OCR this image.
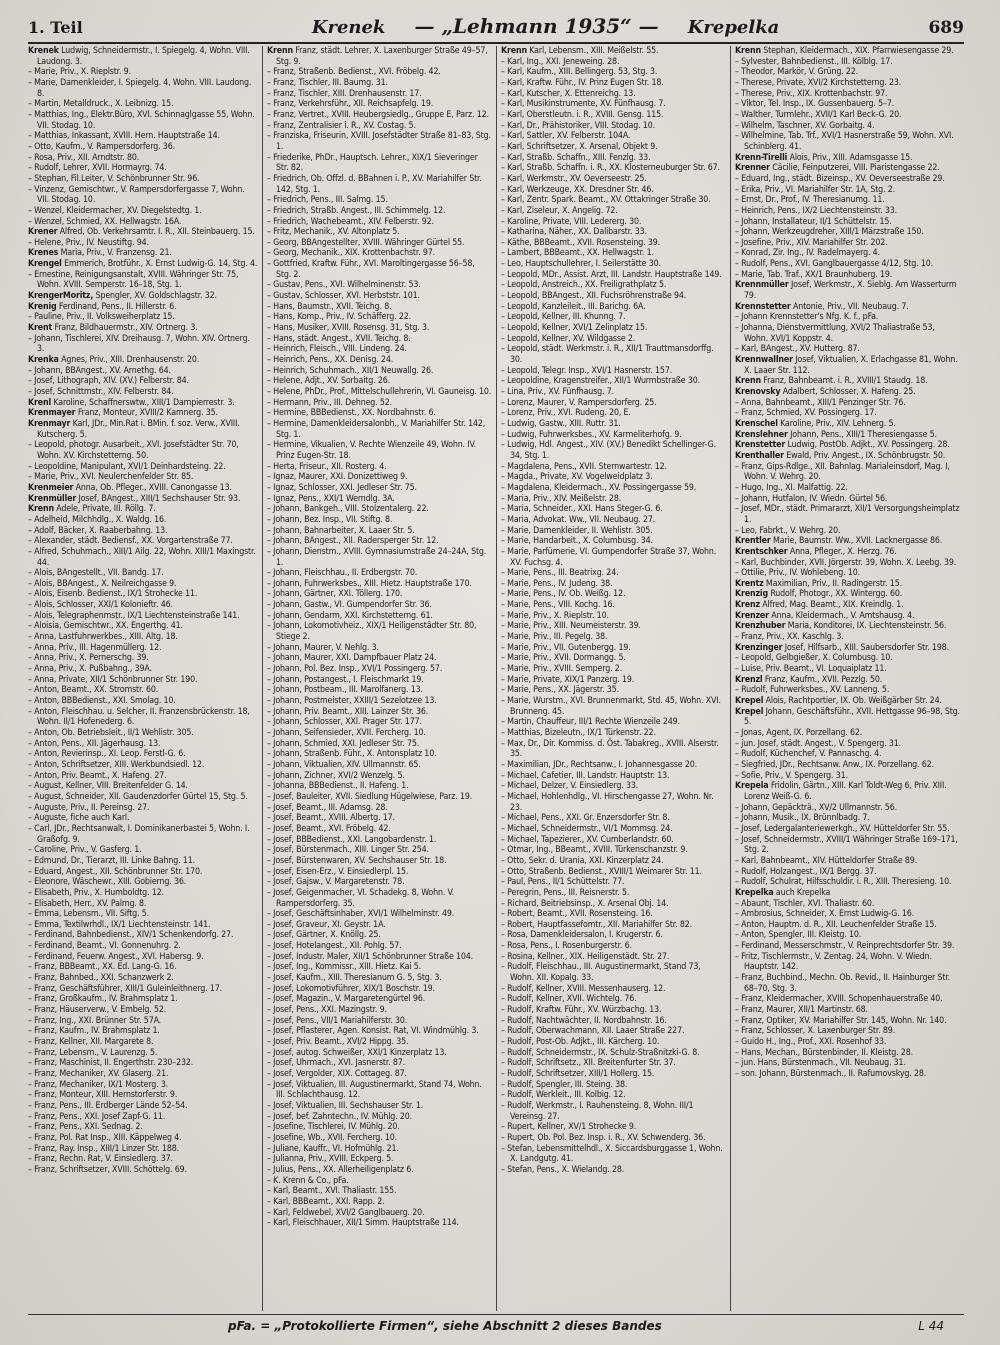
1. Teil	Krenek — „Lehmann 1935“ — Krepelka	689
Krenek Ludwig, Schneidermstr., I. Spiegelg. 4, Wohn. VIII. Laudong. 3.
– Marie, Priv., X. Rieplstr. 9.
– Marie, Damenkleider, I. Spiegelg. 4, Wohn. VIII. Laudong. 8.
– Martin, Metalldruck., X. Leibnizg. 15.
– Matthias, Ing., Elektr.Büro, XVI. Schinnaglgasse 55, Wohn. VII. Stodag. 10.
– Matthias, Inkassant, XVIII. Hern. Hauptstraße 14.
– Otto, Kaufm., V. Rampersdorferg. 36.
– Rosa, Priv., XII. Arndtstr. 80.
– Rudolf, Lehrer, XVII. Hormayrg. 74.
– Stephan, Fil.Leiter, V. Schönbrunner Str. 96.
– Vinzenz, Gemischtwr., V. Rampersdorfergasse 7, Wohn. VII. Stodag. 10.
– Wenzel, Kleidermacher, XV. Diegelstedtg. 1.
– Wenzel, Schmied, XX. Hellwagstr. 16A.
Krener Alfred, Ob. Verkehrsamtr. I. R., XII. Steinbauerg. 15.
– Helene, Priv., IV. Neustiftg. 94.
Krenes Maria, Priv., V. Franzensg. 21.
Krengel Emmerich, Brotführ., X. Ernst Ludwig-G. 14, Stg. 4.
– Ernestine, Reinigungsanstalt, XVIII. Währinger Str. 75, Wohn. XVIII. Semperstr. 16–18, Stg. 1.
KrengerMoritz, Spengler, XV. Goldschlagstr. 32.
Krenig Ferdinand, Pens., II. Hillerstr. 6.
– Pauline, Priv., II. Volksweiherplatz 15.
Krent Franz, Bildhauermstr., XIV. Ortnerg. 3.
– Johann, Tischlerei, XIV. Dreihausg. 7, Wohn. XIV. Ortnerg. 3.
Krenka Agnes, Priv., XIII. Drenhausenstr. 20.
– Johann, BBAngest., XV. Arnethg. 64.
– Josef, Lithograph, XIV. (XV.) Felberstr. 84.
– Josef, Schnittmstr., XIV. Felberstr. 84.
Krenl Karoline, Schaffnerswtw., XIII/1 Dampierrestr. 3.
Krenmayer Franz, Monteur, XVIII/2 Kamnerg. 35.
Krenmayr Karl, JDr., Min.Rat i. BMin. f. soz. Verw., XVIII. Kutscherg. 5.
– Leopold, photogr. Ausarbeit., XVI. Josefstädter Str. 70, Wohn. XV. Kirchstetterng. 50.
– Leopoldine, Manipulant, XVI/1 Deinhardsteing. 22.
– Marie, Priv., XVI. Neulerchenfelder Str. 85.
Krenmeier Anna, Ob. Pfleger., XVIII. Canongasse 13.
Krenmüller Josef, BAngest., XIII/1 Sechshauser Str. 93.
Krenn Adele, Private, III. Röllg. 7.
– Adelheid, Milchhdlg., X. Waldg. 16.
– Adolf, Bäcker, X. Raaberbahng. 13.
– Alexander, städt. Bediensf., XX. Vorgartenstraße 77.
– Alfred, Schuhmach., XIII/1 Ailg. 22, Wohn. XIII/1 Maxingstr. 44.
– Alois, BAngestellt., VII. Bandg. 17.
– Alois, BBAngest., X. Neilreichgasse 9.
– Alois, Eisenb. Bedienst., IX/1 Strohecke 11.
– Alois, Schlosser, XXI/1 Kolonieftr. 46.
– Alois, Telegraphenmstr., IX/1 Liechtensteinstraße 141.
– Aloisia, Gemischtwr., XX. Engerthg. 41.
– Anna, Lastfuhrwerkbes., XIII. Altg. 18.
– Anna, Priv., III. Hagenmüllerg. 12.
– Anna, Priv., X. Pernerschg. 39.
– Anna, Priv., X. Pußbahng., 39A.
– Anna, Private, XII/1 Schönbrunner Str. 190.
– Anton, Beamt., XX. Stromstr. 60.
– Anton, BBBedienst., XXI. Smolag. 10.
– Anton, Fleischhau. u. Selcher, II. Franzensbrückenstr. 18, Wohn. II/1 Hofenederg. 6.
– Anton, Ob. Betriebsleit., II/1 Wehlistr. 305.
– Anton, Pens., XII. Jägerhausg. 13.
– Anton, Revierinsp., XI. Leop. Ferstl-G. 6.
– Anton, Schriftsetzer, XIII. Werkbundsiedl. 12.
– Anton, Priv. Beamt., X. Hafeng. 27.
– August, Kellner, VIII. Breitenfelder G. 14.
– August, Schneider, XII. Gaudenzdorfer Gürtel 15, Stg. 5.
– Auguste, Priv., II. Pereinsg. 27.
– Auguste, fiche auch Karl.
– Carl, JDr., Rechtsanwalt, I. Dominikanerbastei 5, Wohn. I. Graßofg. 9.
– Caroline, Priv., V. Gasferg. 1.
– Edmund, Dr., Tierarzt, III. Linke Bahng. 11.
– Eduard, Angest., XII. Schönbrunner Str. 170.
– Eleonore, Wäschewr., XIII. Gobierng. 36.
– Elisabeth, Priv., X. Humboldtg. 12.
– Elisabeth, Herr., XV. Palmg. 8.
– Emma, Lebensm., VII. Siftg. 5.
– Emma, Textilwrhdl., IX/1 Liechtensteinstr. 141.
– Ferdinand, Bahnbedienst., XIV/1 Schenkendorfg. 27.
– Ferdinand, Beamt., VI. Gonnenuhrg. 2.
– Ferdinand, Feuerw. Angest., XVI. Habersg. 9.
– Franz, BBBeamt., XX. Ed. Lang-G. 16.
– Franz, Bahnbed., XXI. Schanzwerk 2.
– Franz, Geschäftsführer, XIII/1 Guleinleithnerg. 17.
– Franz, Großkaufm., IV. Brahmsplatz 1.
– Franz, Häuserverw., V. Embelg. 52.
– Franz, Ing., XXI. Brünner Str. 57A.
– Franz, Kaufm., IV. Brahmsplatz 1.
– Franz, Kellner, XII. Margarete 8.
– Franz, Lebensm., V. Laurenzg. 5.
– Franz, Maschinist, II. Engerthstr. 230–232.
– Franz, Mechaniker, XV. Glaserg. 21.
– Franz, Mechaniker, IX/1 Mosterg. 3.
– Franz, Monteur, XIII. Hernstorferstr. 9.
– Franz, Pens., III. Erdberger Lände 52–54.
– Franz, Pens., XXI. Josef Zapf-G. 11.
– Franz, Pens., XXI. Sednag. 2.
– Franz, Pol. Rat Insp., XIII. Käppelweg 4.
– Franz, Ray. Insp., XIII/1 Linzer Str. 188.
– Franz, Rechn. Rat, V. Einsiedlerg. 37.
– Franz, Schriftsetzer, XVIII. Schöttelg. 69.
Krenn Franz, städt. Lehrer, X. Laxenburger Straße 49–57, Stg. 9.
– Franz, Straßenb. Bedienst., XVI. Fröbelg. 42.
– Franz, Tischler, III. Baumg. 31.
– Franz, Tischler, XIII. Drenhausenstr. 17.
– Franz, Verkehrsführ., XII. Reichsapfelg. 19.
– Franz, Vertret., XVIII. Heubergsiedlg., Gruppe E, Parz. 12.
– Franz, Zentralisier i. R., XV. Costag. 5.
– Franziska, Friseurin, XVIII. Josefstädter Straße 81–83, Stg. 1.
– Friederike, PhDr., Hauptsch. Lehrer., XIX/1 Sieveringer Str. 82.
– Friedrich, Ob. Offzl. d. BBahnen i. P., XV. Mariahilfer Str. 142, Stg. 1.
– Friedrich, Pens., III. Salmg. 15.
– Friedrich, Straßb. Angest., III. Schimmelg. 12.
– Friedrich, Wachebeamt., XIV. Felberstr. 92.
– Fritz, Mechanik., XV. Altonplatz 5.
– Georg, BBAngestellter, XVIII. Währinger Gürtel 55.
– Georg, Mechanik., XIX. Krottenbachstr. 97.
– Gottfried, Kraftw. Führ., XVI. Maroltingergasse 56–58, Stg. 2.
– Gustav, Pens., XVI. Wilhelminenstr. 53.
– Gustav, Schlosser, XVI. Herbststr. 101.
– Hans, Baumstr., XVII. Teichg. 8.
– Hans, Komp., Priv., IV. Schäfferg. 22.
– Hans, Musiker, XVIII. Rosensg. 31, Stg. 3.
– Hans, städt. Angest., XVII. Teichg. 8.
– Heinrich, Fleisch., VIII. Lindeng. 24.
– Heinrich, Pens., XX. Denisg. 24.
– Heinrich, Schuhmach., XII/1 Neuwallg. 26.
– Helene, Adjt., XV. Sorbaitg. 26.
– Helene, PhDr., Prof., Mittelschullehrerin, VI. Gauneisg. 10.
– Hermann, Priv., III. Dehneg. 52.
– Hermine, BBBedienst., XX. Nordbahnstr. 6.
– Hermine, Damenkleidersalonbh., V. Mariahilfer Str. 142, Stg. 1.
– Hermine, Vikualien, V. Rechte Wienzeile 49, Wohn. IV. Prinz Eugen-Str. 18.
– Herta, Friseur., XII. Rosterg. 4.
– Ignaz, Maurer, XXI. Donizettiweg 9.
– Ignaz, Schlosser, XXI. Jedleser Str. 75.
– Ignaz, Pens., XXI/1 Werndlg. 3A.
– Johann, Bankgeh., VIII. Stolzentalerg. 22.
– Johann, Bez. Insp., VII. Stiftg. 8.
– Johann, Bahnarbeiter, X. Laaer Str. 5.
– Johann, BAngest., XII. Radersperger Str. 12.
– Johann, Dienstm., XVIII. Gymnasiumstraße 24–24A, Stg. 1.
– Johann, Fleischhau., II. Erdbergstr. 70.
– Johann, Fuhrwerksbes., XIII. Hietz. Hauptstraße 170.
– Johann, Gärtner, XXI. Töllerg. 170.
– Johann, Gastw., VI. Gumpendorfer Str. 36.
– Johann, Gendarm, XXI. Kirchstetterng. 61.
– Johann, Lokomotivheiz., XIX/1 Heiligenstädter Str. 80, Stiege 2.
– Johann, Maurer, V. Nehlg. 3.
– Johann, Maurer, XXI. Dampfbauer Platz 24.
– Johann, Pol. Bez. Insp., XVI/1 Possingerg. 57.
– Johann, Postangest., I. Fleischmarkt 19.
– Johann, Postbeam., III. Marolfanerg. 13.
– Johann, Postmeister, XXIII/1 Sezelotzee 13.
– Johann, Priv. Beamt., XIII. Lainzer Str. 36.
– Johann, Schlosser, XXI. Prager Str. 177.
– Johann, Seifensieder, XVII. Fercherg. 10.
– Johann, Schmied, XXI. Jedleser Str. 75.
– Johann, Straßenb. Führ., X. Antonsplatz 10.
– Johann, Viktualien, XIV. Ullmannstr. 65.
– Johann, Zichner, XVI/2 Wenzelg. 5.
– Johanna, BBBedienst., II. Hafeng. 1.
– Josef, Bauleiter, XVII. Siedlung Hügelwiese, Parz. 19.
– Josef, Beamt., III. Adamsg. 28.
– Josef, Beamt., XVIII. Albertg. 17.
– Josef, Beamt., XVI. Fröbelg. 42.
– Josef, BBBedienst., XXI. Langobardenstr. 1.
– Josef, Bürstenmach., XIII. Linger Str. 254.
– Josef, Bürstenwaren, XV. Sechshauser Str. 18.
– Josef, Eisen-Erz., V. Einsiedlerpl. 15.
– Josef, Gajsw., V. Margaretenstr. 78.
– Josef, Geigenmacher, VI. Schadekg. 8, Wohn. V. Rampersdorferg. 35.
– Josef, Geschäftsinhaber, XVI/1 Wilhelminstr. 49.
– Josef, Graveur, XI. Geystr. 1A.
– Josef, Gärtner, X. Knöllg. 25.
– Josef, Hotelangest., XII. Pohlg. 57.
– Josef, Industr. Maler, XII/1 Schönbrunner Straße 104.
– Josef, Ing., Kommissr., XIII. Hietz. Kai 5.
– Josef, Kaufm., XIII. Theresianum G. 5, Stg. 3.
– Josef, Lokomotivführer, XIX/1 Boschstr. 19.
– Josef, Magazin., V. Margaretengürtel 96.
– Josef, Pens., XXI. Mazingstr. 9.
– Josef, Pens., VII/1 Mariahilferstr. 30.
– Josef, Pflasterer, Agen. Konsist. Rat, VI. Windmühlg. 3.
– Josef, Priv. Beamt., XVI/2 Hippg. 35.
– Josef, autog. Schweißer, XXI/1 Kinzerplatz 13.
– Josef, Uhrmach., XVI. Jasnerstr. 87.
– Josef, Vergolder, XIX. Cottageg. 87.
– Josef, Viktualien, III. Augustinermarkt, Stand 74, Wohn. III. Schlachthausg. 12.
– Josef, Viktualien, III. Sechshauser Str. 1.
– Josef, bef. Zahntechn., IV. Mühlg. 20.
– Josefine, Tischlerei, IV. Mühlg. 20.
– Josefine, Wb., XVII. Fercherg. 10.
– Juliane, Kauffr., VI. Hofmühlg. 21.
– Julianna, Priv., XVIII. Eckperg. 5.
– Julius, Pens., XX. Allerheiligenplatz 6.
– K. Krenn & Co., pFa.
– Karl, Beamt., XVI. Thaliastr. 155.
– Karl, BBBeamt., XXI. Rapp. 2.
– Karl, Feldwebel, XVI/2 Ganglbauerg. 20.
– Karl, Fleischhauer, XII/1 Simm. Hauptstraße 114.
Krenn Karl, Lebensm., XIII. Meißelstr. 55.
– Karl, Ing., XXI. Jeneweing. 28.
– Karl, Kaufm., XIII. Bellingerg. 53, Stg. 3.
– Karl, Kraftw. Führ., IV. Prinz Eugen Str. 18.
– Karl, Kutscher, X. Ettenreichg. 13.
– Karl, Musikinstrumente, XV. Fünfhausg. 7.
– Karl, Oberstleutn. i. R., XVIII. Gensg. 115.
– Karl, Dr., Prähistoriker, VIII. Stodag. 10.
– Karl, Sattler, XV. Felberstr. 104A.
– Karl, Schriftsetzer, X. Arsenal, Objekt 9.
– Karl, Straßb. Schaffn., XIII. Fenzlg. 33.
– Karl, Straßb. Schaffn. i. R., XX. Klosterneuburger Str. 67.
– Karl, Werkmstr., XV. Oeverseestr. 25.
– Karl, Werkzeuge, XX. Dresdner Str. 46.
– Karl, Zentr. Spark. Beamt., XV. Ottakringer Straße 30.
– Karl, Ziseleur, X. Angelig. 72.
– Karoline, Private, VIII. Ledererg. 30.
– Katharina, Näher., XX. Dalibarstr. 33.
– Käthe, BBBeamt., XVII. Rosensteing. 39.
– Lambert, BBBeamt., XX. Hellwagstr. 1.
– Leo, Hauptschullehrer, I. Seilerstätte 30.
– Leopold, MDr., Assist. Arzt, III. Landstr. Hauptstraße 149.
– Leopold, Anstreich., XX. Freiligrathplatz 5.
– Leopold, BBAngest., XII. Fuchsröhrenstraße 94.
– Leopold, Kanzleileit., III. Barichg. 6A.
– Leopold, Kellner, III. Khunng. 7.
– Leopold, Kellner, XVI/1 Zelinplatz 15.
– Leopold, Kellner, XV. Wildgasse 2.
– Leopold, städt. Werkmstr. i. R., XII/1 Trauttmansdorffg. 30.
– Leopold, Telegr. Insp., XVI/1 Hasnerstr. 157.
– Leopoldine, Kragenstreifer., XII/1 Wurmbstraße 30.
– Lina, Priv., XV. Fünfhausg. 7.
– Lorenz, Maurer, V. Rampersdorferg. 25.
– Lorenz, Priv., XVI. Rudeng. 20, E.
– Ludwig, Gastw., XIII. Ruttr. 31.
– Ludwig, Fuhrwerksbes., XV. Karmeliterhofg. 9.
– Ludwig, Hdl. Angest., XIV. (XV.) Benedikt Schellinger-G. 34, Stg. 1.
– Magdalena, Pens., XVII. Sternwartestr. 12.
– Magda., Private, XV. Vogelweidplatz 3.
– Magdalena, Kleidermach., XV. Possingergasse 59.
– Maria, Priv., XIV. Meißelstr. 28.
– Maria, Schneider., XXI. Hans Steger-G. 6.
– Maria, Advokat. Ww., VII. Neubaug. 27.
– Marie, Damenkleider, II. Wehlistr. 305.
– Marie, Handarbeit., X. Columbusg. 34.
– Marie, Parfümerie, VI. Gumpendorfer Straße 37, Wohn. XV. Fuchsg. 4.
– Marie, Pens., III. Beatrixg. 24.
– Marie, Pens., IV. Judeng. 38.
– Marie, Pens., IV. Ob. Weißg. 12.
– Marie, Pens., VIII. Kochg. 16.
– Marie, Priv., X. Rieplstr. 10.
– Marie, Priv., XIII. Neumeisterstr. 39.
– Marie, Priv., III. Pegelg. 38.
– Marie, Priv., VII. Gutenbergg. 19.
– Marie, Priv., XVII. Dormangg. 5.
– Marie, Priv., XVIII. Semperg. 2.
– Marie, Private, XIX/1 Panzerg. 19.
– Marie, Pens., XX. Jägerstr. 35.
– Marie, Wurstm., XVI. Brunnenmarkt, Std. 45, Wohn. XVI. Brunneng. 45.
– Martin, Chauffeur, III/1 Rechte Wienzeile 249.
– Matthias, Bizeleutn., IX/1 Türkenstr. 22.
– Max, Dr., Dir. Kommiss. d. Öst. Tabakreg., XVIII. Alserstr. 35.
– Maximilian, JDr., Rechtsanw., I. Johannesgasse 20.
– Michael, Cafetier, III. Landstr. Hauptstr. 13.
– Michael, Delzer, V. Einsiedlerg. 33.
– Michael, Hohlenhdlg., VI. Hirschengasse 27, Wohn. Nr. 23.
– Michael, Pens., XXI. Gr. Enzersdorfer Str. 8.
– Michael, Schneidermstr., VI/1 Mommsg. 24.
– Michael, Tapezierer., XV. Cumberlandstr. 60.
– Otmar, Ing., BBeamt., XVIII. Türkenschanzstr. 9.
– Otto, Sekr. d. Urania, XXI. Kinzerplatz 24.
– Otto, Straßenb. Bedienst., XVIII/1 Weimarer Str. 11.
– Paul, Pens., II/1 Schüttelstr. 77.
– Peregrin, Pens., III. Reisnerstr. 5.
– Richard, Beitriebsinsp., X. Arsenal Obj. 14.
– Robert, Beamt., XVII. Rosensteing. 16.
– Robert, Hauptfassefomtr., XII. Mariahilfer Str. 82.
– Rosa, Damenkleidersalon, I. Krugerstr. 6.
– Rosa, Pens., I. Rosenburgerstr. 6.
– Rosina, Kellner., XIX. Heiligenstädt. Str. 27.
– Rudolf, Fleischhau., III. Augustinermarkt, Stand 73, Wohn. XII. Kopalg. 33.
– Rudolf, Kellner, XVIII. Messenhauserg. 12.
– Rudolf, Kellner, XVII. Wichtelg. 76.
– Rudolf, Kraftw. Führ., XV. Würzbachg. 13.
– Rudolf, Nachtwächter, II. Nordbahnstr. 16.
– Rudolf, Oberwachmann, XII. Laaer Straße 227.
– Rudolf, Post-Ob. Adjkt., III. Kärcherg. 10.
– Rudolf, Schneidermstr., IX. Schulz-Straßnitzki-G. 8.
– Rudolf, Schriftsetz., XII. Breitenfurter Str. 37.
– Rudolf, Schriftsetzer, XIII/1 Hollerg. 15.
– Rudolf, Spengler, III. Steing. 38.
– Rudolf, Werkleit., III. Kolbig. 12.
– Rudolf, Werkmstr., I. Rauhensteing. 8, Wohn. III/1 Vereinsg. 27.
– Rupert, Kellner, XV/1 Strohecke 9.
– Rupert, Ob. Pol. Bez. Insp. i. R., XV. Schwenderg. 36.
– Stefan, Lebensmittelhdl., X. Siccardsburggasse 1, Wohn. X. Landgutg. 41.
– Stefan, Pens., X. Wielandg. 28.
Krenn Stephan, Kleidermach., XIX. Pfarrwiesengasse 29.
– Sylvester, Bahnbedienst., III. Kölblg. 17.
– Theodor, Markör, V. Grüng. 22.
– Therese, Private, XVI/2 Kirchstetterng. 23.
– Therese, Priv., XIX. Krottenbachstr. 97.
– Viktor, Tel. Insp., IX. Gussenbauerg. 5–7.
– Walther, Turmlehr., XVII/1 Karl Beck-G. 20.
– Wilhelm, Taschner, XV. Gorbaitg. 4.
– Wilhelmine, Tab. Trf., XVI/1 Hasnerstraße 59, Wohn. XVI. Schinblerg. 41.
Krenn-Tirelli Alois, Priv., XIII. Adamsgasse 15.
Krenner Cäcilie, Feinputzerei, VIII. Piaristengasse 22.
– Eduard, Ing., städt. Bizeinsp., XV. Oeverseestraße 29.
– Erika, Priv., VI. Mariahilfer Str. 1A, Stg. 2.
– Ernst, Dr., Prof., IV. Theresianumg. 11.
– Heinrich, Pens., IX/2 Liechtensteinstr. 33.
– Johann, Installateur, II/1 Schüttelstr. 15.
– Johann, Werkzeugdreher, XIII/1 Märzstraße 150.
– Josefine, Priv., XIV. Mariahilfer Str. 202.
– Konrad, Zir. Ing., IV. Radelmayerg. 4.
– Rudolf, Pens., XVI. Ganglbauergasse 4/12, Stg. 10.
– Marie, Tab. Traf., XX/1 Braunhuberg. 19.
Krennmüller Josef, Werkmstr., X. Sieblg. Am Wasserturm 79.
Krennstetter Antonie, Priv., VII. Neubaug. 7.
– Johann Krennstetter's Nfg. K. f., pFa.
– Johanna, Dienstvermittlung, XVI/2 Thaliastraße 53, Wohn. XVI/1 Koppstr. 4.
– Karl, BAngest., XV. Hutterg. 87.
Krennwallner Josef, Viktualien, X. Erlachgasse 81, Wohn. X. Laaer Str. 112.
Krenn Franz, Bahnbeamt. i. R., XVIII/1 Staudg. 18.
Krenovsky Adalbert, Schlosser, X. Hafeng. 25.
– Anna, Bahnbeamt., XIII/1 Penzinger Str. 76.
– Franz, Schmied, XV. Possingerg. 17.
Krenschel Karoline, Priv., XIV. Lehnerg. 5.
Krenslehner Johann, Pens., XIII/1 Theresiengasse 5.
Krenstetter Ludwig, PostOb. Adjkt., XV. Possingerg. 28.
Krenthaller Ewald, Priv. Angest., IX. Schönbrugstr. 50.
– Franz, Gips-Rdlge., XII. Bahnlag. Marialeinsdorf, Mag. I, Wohn. V. Wehrg. 20.
– Hugo, Ing., XI. Malfattig. 22.
– Johann, Hutfalon, IV. Wiedn. Gürtel 56.
– Josef, MDr., städt. Primararzt, XII/1 Versorgungsheimplatz 1.
– Leo, Fabrkt., V. Wehrg. 20.
Krentler Marie, Baumstr. Ww., XVII. Lacknergasse 86.
Krentschker Anna, Pfleger., X. Herzg. 76.
– Karl, Buchbinder, XVII. Jörgerstr. 39, Wohn. X. Leebg. 39.
– Ottilie, Priv., IV. Wohlebeng. 10.
Krentz Maximilian, Priv., II. Radingerstr. 15.
Krenzig Rudolf, Photogr., XX. Wintergg. 60.
Krenz Alfred, Mag. Beamt., XIX. Kreindlg. 1.
Krenzer Anna, Kleidermach., V. Amtshausg. 4.
Krenzhuber Maria, Konditorei, IX. Liechtensteinstr. 56.
– Franz, Priv., XX. Kaschlg. 3.
Krenzinger Josef, Hilfsarb., XIII. Saubersdorfer Str. 198.
– Leopold, Gelbgießer, X. Columbusg. 10.
– Luise, Priv. Beamt., VI. Loquaiplatz 11.
Krenzl Franz, Kaufm., XVII. Pezzlg. 50.
– Rudolf, Fuhrwerksbes., XV. Lanneng. 5.
Krepel Alois, Rachtportier, IX. Ob. Weißgärber Str. 24.
Krepel Johann, Geschäftsführ., XVII. Hettgasse 96–98, Stg. 5.
– Jonas, Agent, IX. Porzellang. 62.
– jun. Josef, städt. Angest., V. Spengerg. 31.
– Rudolf, Küchenchef, V. Pannaschg. 4.
– Siegfried, JDr., Rechtsanw. Anw., IX. Porzellang. 62.
– Sofie, Priv., V. Spengerg. 31.
Krepela Fridolin, Gärtn., XIII. Karl Toldt-Weg 6, Priv. XIII. Lorenz Weiß-G. 6.
– Johann, Gepäckträ., XV/2 Ullmannstr. 56.
– Johann, Musik., IX. Brünnlbadg. 7.
– Josef, Ledergalanteriewerkgh., XV. Hütteldorfer Str. 55.
– Josef, Schneidermstr., XVIII/1 Währinger Straße 169–171, Stg. 2.
– Karl, Bahnbeamt., XIV. Hütteldorfer Straße 89.
– Rudolf, Holzangest., IX/1 Bergg. 37.
– Rudolf, Schulrat, Hilfsschuldir. i. R., XIII. Theresieng. 10.
Krepelka auch Krepelka
– Abaunt, Tischler, XVI. Thaliastr. 60.
– Ambrosius, Schneider, X. Ernst Ludwig-G. 16.
– Anton, Hauptm. d. R., XII. Leuchenfelder Straße 15.
– Anton, Spengler, III. Kleistg. 10.
– Ferdinand, Messerschmstr., V. Reinprechtsdorfer Str. 39.
– Fritz, Tischlermstr., V. Zentag. 24, Wohn. V. Wiedn. Hauptstr. 142.
– Franz, Buchbind., Mechn. Ob. Revid., II. Hainburger Str. 68–70, Stg. 3.
– Franz, Kleidermacher, XVIII. Schopenhauerstraße 40.
– Franz, Maurer, XII/1 Martinstr. 68.
– Franz, Optiker, XV. Mariahilfer Str. 145, Wohn. Nr. 140.
– Franz, Schlosser, X. Laxenburger Str. 89.
– Guido H., Ing., Prof., XXI. Rosenhof 33.
– Hans, Mechan., Bürstenbinder, II. Kleistg. 28.
– jun. Hans, Bürstenmach., VII. Neubaug. 31.
– son. Johann, Bürstenmach., II. Rafumovskyg. 28.
pFa. = „Protokollierte Firmen“, siehe Abschnitt 2 dieses Bandes	L 44
